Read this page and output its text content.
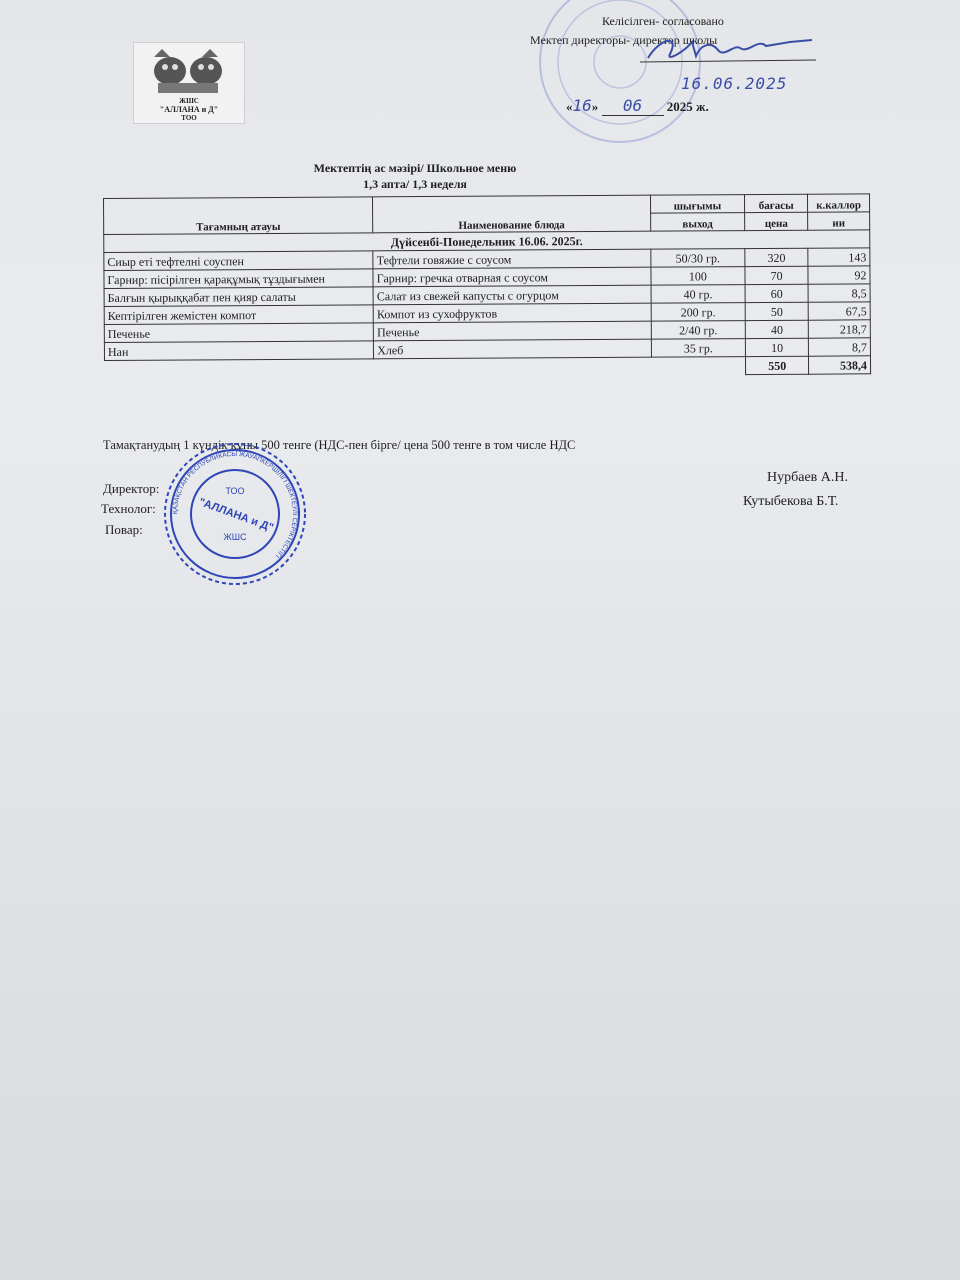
ЖШС
"АЛЛАНА и Д"
ТОО
Келісілген- согласовано
Мектеп директоры- директор школы
16.06.2025
«16» 06 2025 ж.
Мектептің ас мәзірі/ Школьное меню
1,3 апта/ 1,3 неделя
Тағамның атауы	Наименование блюда	шығымы	бағасы	к.каллор
		выход	цена	ии
Дүйсенбі-Понедельник 16.06. 2025г.				
Сиыр еті тефтелні соуспен	Тефтели говяжие с соусом	50/30 гр.	320	143
Гарнир: пісірілген қарақұмық тұздығымен	Гарнир: гречка отварная с соусом	100	70	92
Балғын қырыққабат пен қияр салаты	Салат из свежей капусты с огурцом	40 гр.	60	8,5
Кептірілген жемістен компот	Компот из сухофруктов	200 гр.	50	67,5
Печенье	Печенье	2/40 гр.	40	218,7
Нан	Хлеб	35 гр.	10	8,7
			550	538,4
Тамақтанудың 1 күндік құны 500 тенге (НДС-пен бірге/ цена 500 тенге в том числе НДС
Директор:
Технолог:
Повар:
Нурбаев А.Н.
Кутыбекова Б.Т.
ҚАЗАҚСТАН РЕСПУБЛИКАСЫ ЖАУАПКЕРШІЛІГІ ШЕКТЕУЛІ СЕРІКТЕСТІГІ
ТОО
"АЛЛАНА и Д"
ЖШС
